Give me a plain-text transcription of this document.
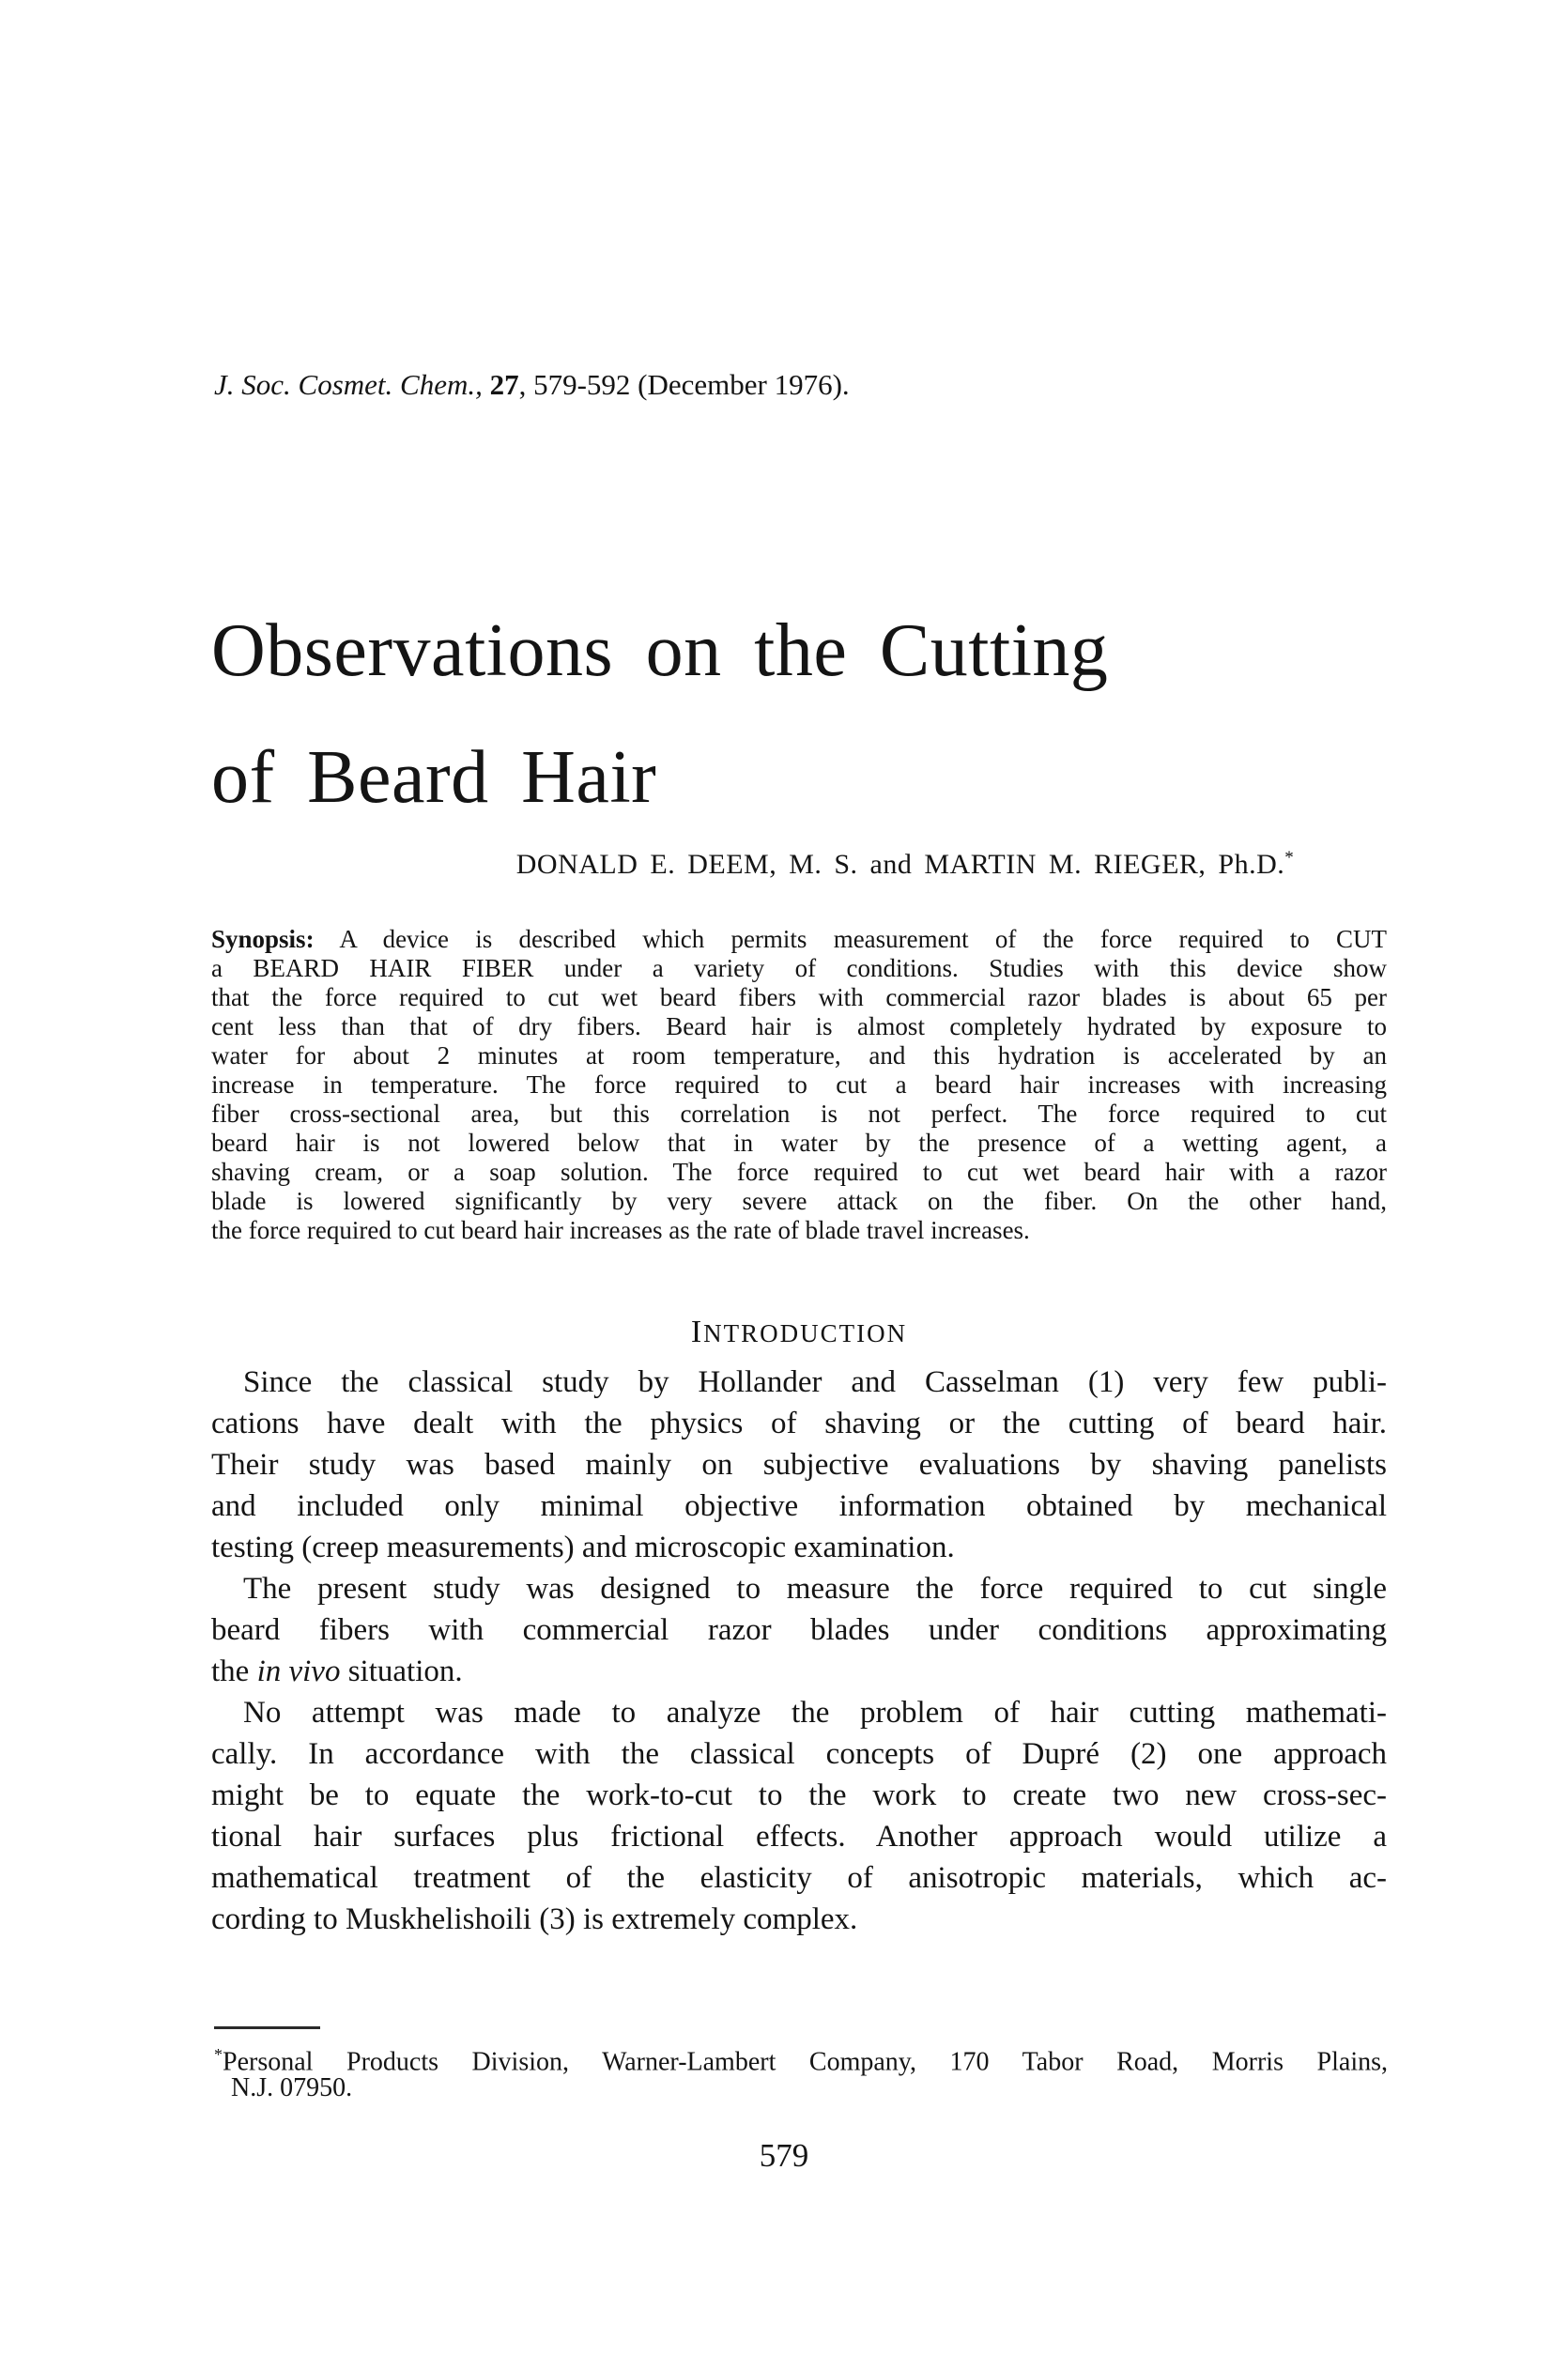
J. Soc. Cosmet. Chem., 27, 579-592 (December 1976).
Observations on the Cutting
of Beard Hair
DONALD E. DEEM, M. S. and MARTIN M. RIEGER, Ph.D.*
Synopsis: A device is described which permits measurement of the force required to CUT
a BEARD HAIR FIBER under a variety of conditions. Studies with this device show
that the force required to cut wet beard fibers with commercial razor blades is about 65 per
cent less than that of dry fibers. Beard hair is almost completely hydrated by exposure to
water for about 2 minutes at room temperature, and this hydration is accelerated by an
increase in temperature. The force required to cut a beard hair increases with increasing
fiber cross-sectional area, but this correlation is not perfect. The force required to cut
beard hair is not lowered below that in water by the presence of a wetting agent, a
shaving cream, or a soap solution. The force required to cut wet beard hair with a razor
blade is lowered significantly by very severe attack on the fiber. On the other hand,
the force required to cut beard hair increases as the rate of blade travel increases.
INTRODUCTION
Since the classical study by Hollander and Casselman (1) very few publi-
cations have dealt with the physics of shaving or the cutting of beard hair.
Their study was based mainly on subjective evaluations by shaving panelists
and included only minimal objective information obtained by mechanical
testing (creep measurements) and microscopic examination.
The present study was designed to measure the force required to cut single
beard fibers with commercial razor blades under conditions approximating
the in vivo situation.
No attempt was made to analyze the problem of hair cutting mathemati-
cally. In accordance with the classical concepts of Dupré (2) one approach
might be to equate the work-to-cut to the work to create two new cross-sec-
tional hair surfaces plus frictional effects. Another approach would utilize a
mathematical treatment of the elasticity of anisotropic materials, which ac-
cording to Muskhelishoili (3) is extremely complex.
*Personal Products Division, Warner-Lambert Company, 170 Tabor Road, Morris Plains,
N.J. 07950.
579
